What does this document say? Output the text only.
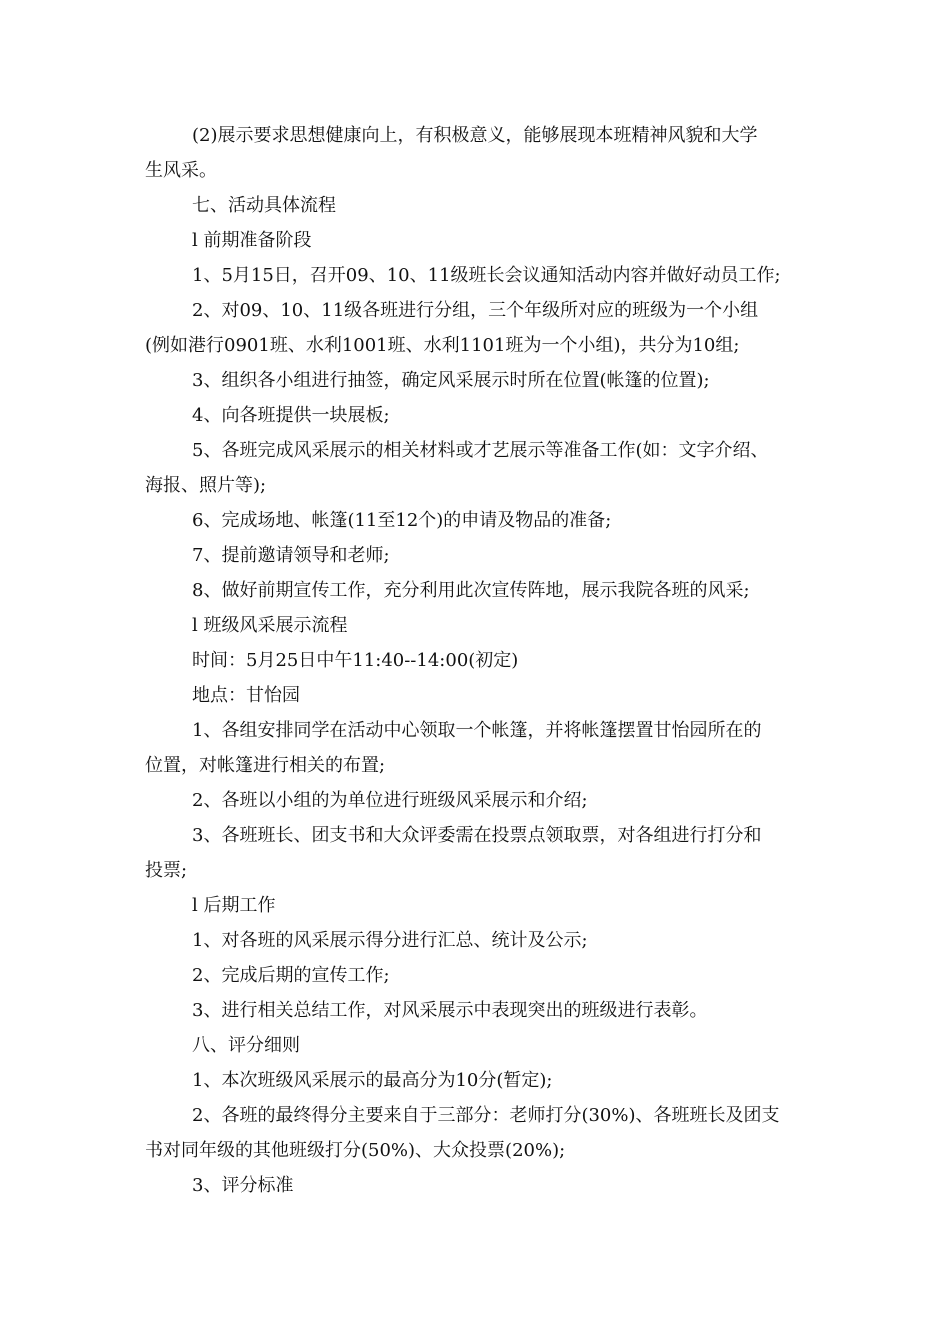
(2)展示要求思想健康向上，有积极意义，能够展现本班精神风貌和大学
生风采。
七、活动具体流程
l 前期准备阶段
1、5月15日，召开09、10、11级班长会议通知活动内容并做好动员工作;
2、对09、10、11级各班进行分组，三个年级所对应的班级为一个小组
(例如港行0901班、水利1001班、水利1101班为一个小组)，共分为10组;
3、组织各小组进行抽签，确定风采展示时所在位置(帐篷的位置);
4、向各班提供一块展板;
5、各班完成风采展示的相关材料或才艺展示等准备工作(如：文字介绍、
海报、照片等);
6、完成场地、帐篷(11至12个)的申请及物品的准备;
7、提前邀请领导和老师;
8、做好前期宣传工作，充分利用此次宣传阵地，展示我院各班的风采;
l 班级风采展示流程
时间：5月25日中午11:40--14:00(初定)
地点：甘怡园
1、各组安排同学在活动中心领取一个帐篷，并将帐篷摆置甘怡园所在的
位置，对帐篷进行相关的布置;
2、各班以小组的为单位进行班级风采展示和介绍;
3、各班班长、团支书和大众评委需在投票点领取票，对各组进行打分和
投票;
l 后期工作
1、对各班的风采展示得分进行汇总、统计及公示;
2、完成后期的宣传工作;
3、进行相关总结工作，对风采展示中表现突出的班级进行表彰。
八、评分细则
1、本次班级风采展示的最高分为10分(暂定);
2、各班的最终得分主要来自于三部分：老师打分(30%)、各班班长及团支
书对同年级的其他班级打分(50%)、大众投票(20%);
3、评分标准
